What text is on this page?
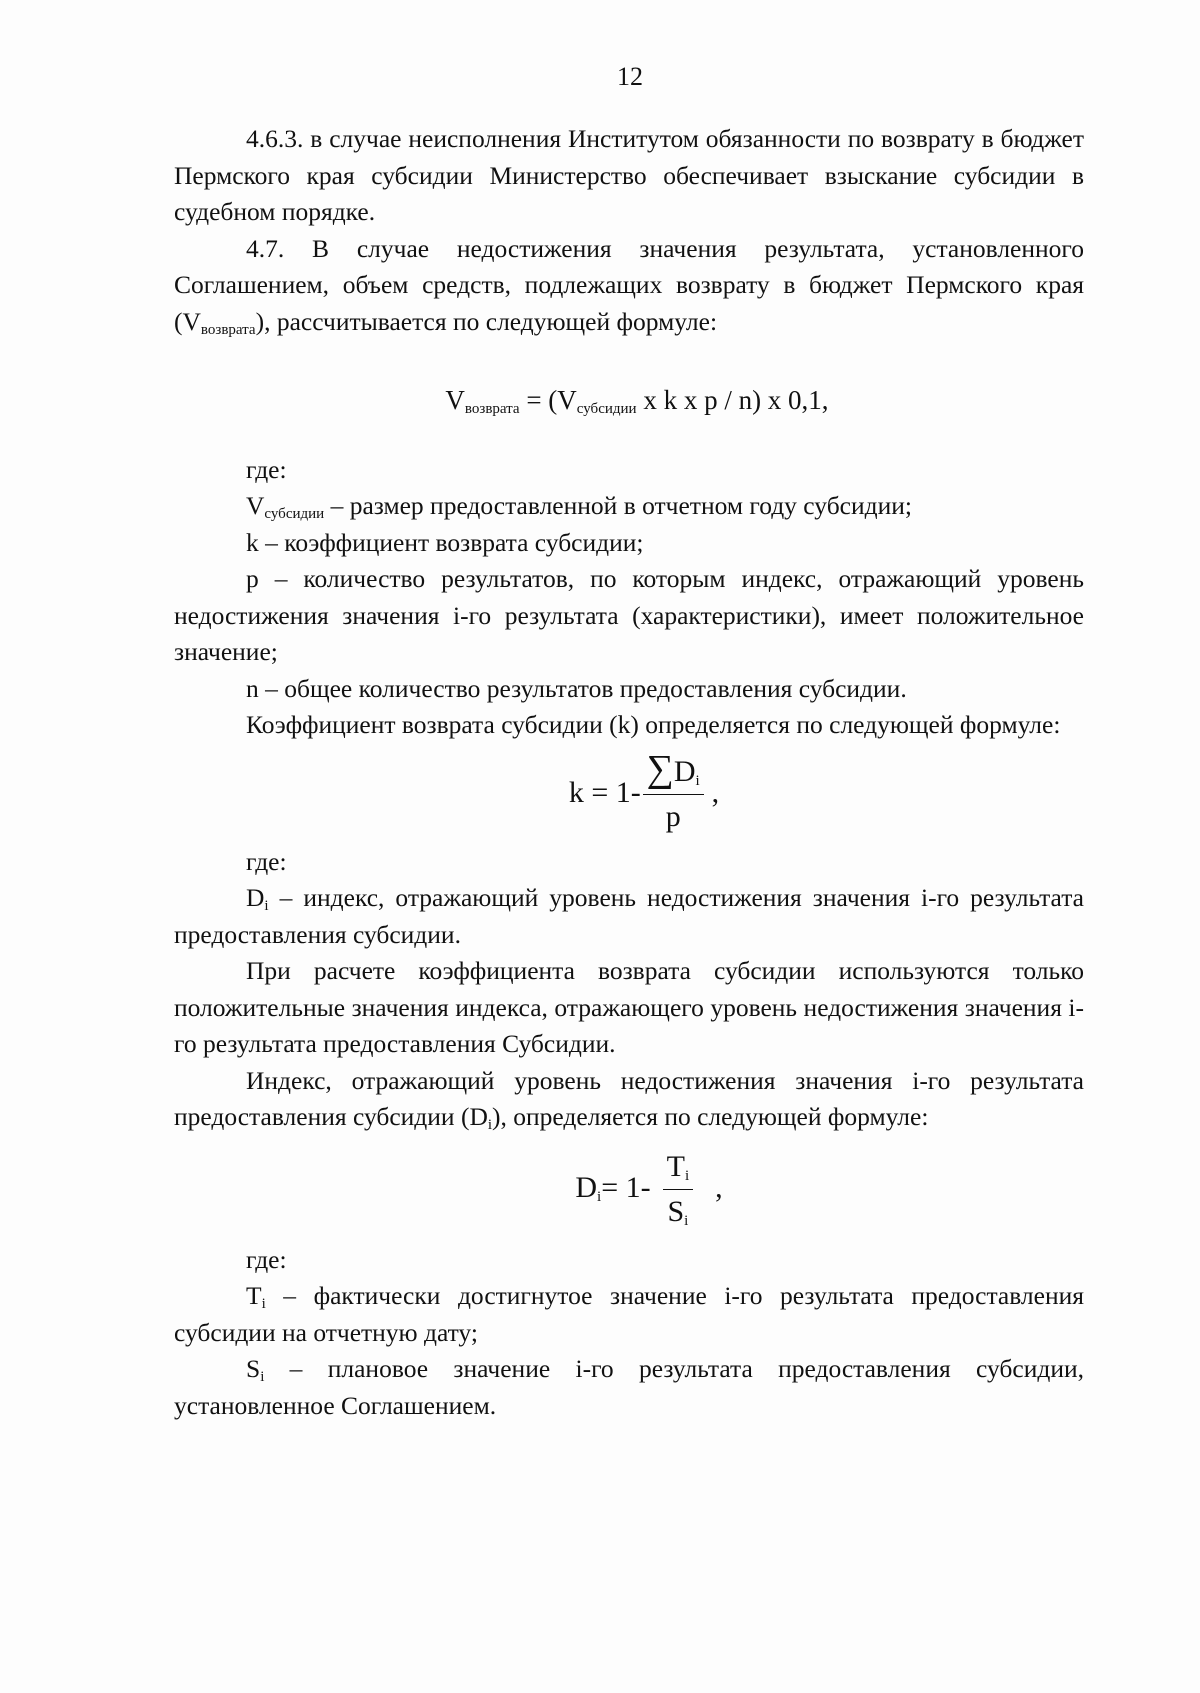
12

4.6.3. в случае неисполнения Институтом обязанности по возврату в бюджет Пермского края субсидии Министерство обеспечивает взыскание субсидии в судебном порядке.

4.7. В случае недостижения значения результата, установленного Соглашением, объем средств, подлежащих возврату в бюджет Пермского края $(V_{возврата})$, рассчитывается по следующей формуле:

$V_{возврата} = (V_{субсидии}$ x k x p / n) x 0,1,

где:

$V_{субсидии}$ – размер предоставленной в отчетном году субсидии;

k – коэффициент возврата субсидии;

p – количество результатов, по которым индекс, отражающий уровень недостижения значения i-го результата (характеристики), имеет положительное значение;

n – общее количество результатов предоставления субсидии.

Коэффициент возврата субсидии (k) определяется по следующей формуле:

$k = 1- \frac{\sum D_i}{p}$ ,

где:

$D_i$ – индекс, отражающий уровень недостижения значения i-го результата предоставления субсидии.

При расчете коэффициента возврата субсидии используются только положительные значения индекса, отражающего уровень недостижения значения i-го результата предоставления Субсидии.

Индекс, отражающий уровень недостижения значения i-го результата предоставления субсидии $(D_i)$, определяется по следующей формуле:

$D_i= 1- \frac{T_i}{S_i}$ ,

где:

$T_i$ – фактически достигнутое значение i-го результата предоставления субсидии на отчетную дату;

$S_i$ – плановое значение i-го результата предоставления субсидии, установленное Соглашением.
